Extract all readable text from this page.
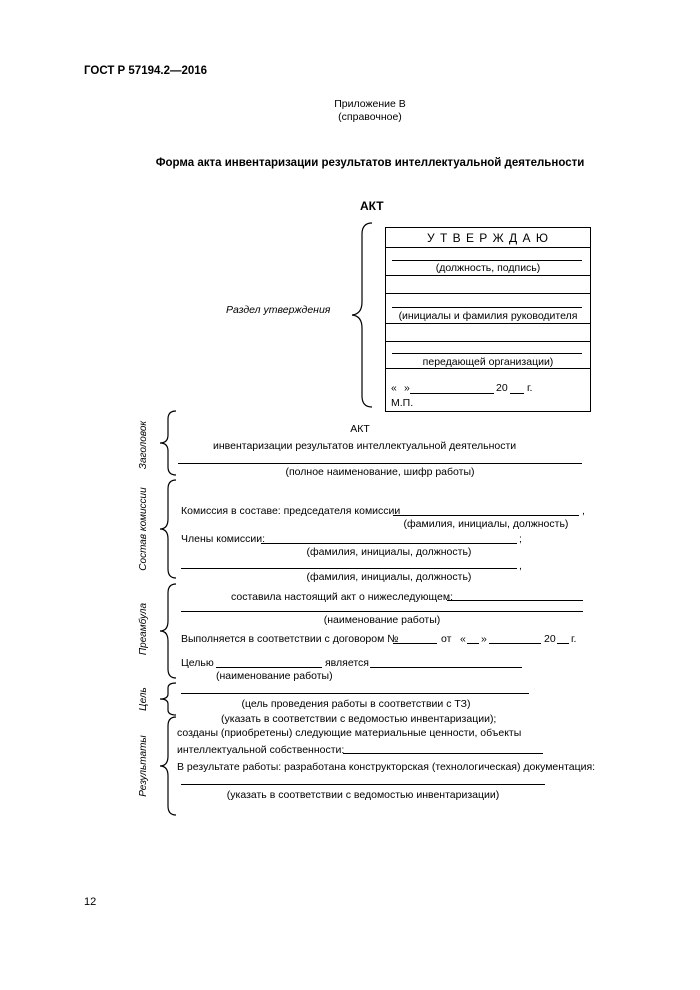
ГОСТ Р 57194.2—2016
Приложение В
(справочное)
Форма акта инвентаризации результатов интеллектуальной деятельности
АКТ
Раздел утверждения
У Т В Е Р Ж Д А Ю
(должность, подпись)
(инициалы и фамилия руководителя
передающей организации)
« »	20 г.
М.П.
Заголовок
Состав комиссии
Преамбула
Цель
Результаты
АКТ
инвентаризации результатов интеллектуальной деятельности
(полное наименование, шифр работы)
Комиссия в составе: председателя комиссии	,
(фамилия, инициалы, должность)
Члены комиссии:	;
(фамилия, инициалы, должность)
,
(фамилия, инициалы, должность)
составила настоящий акт о нижеследующем:
(наименование работы)
Выполняется в соответствии с договором №	от « »	20 г.
Целью	является
(наименование работы)
(цель проведения работы в соответствии с ТЗ)
(указать в соответствии с ведомостью инвентаризации);
созданы (приобретены) следующие материальные ценности, объекты
интеллектуальной собственности:
В результате работы: разработана конструкторская (технологическая) документация:
(указать в соответствии с ведомостью инвентаризации)
12
